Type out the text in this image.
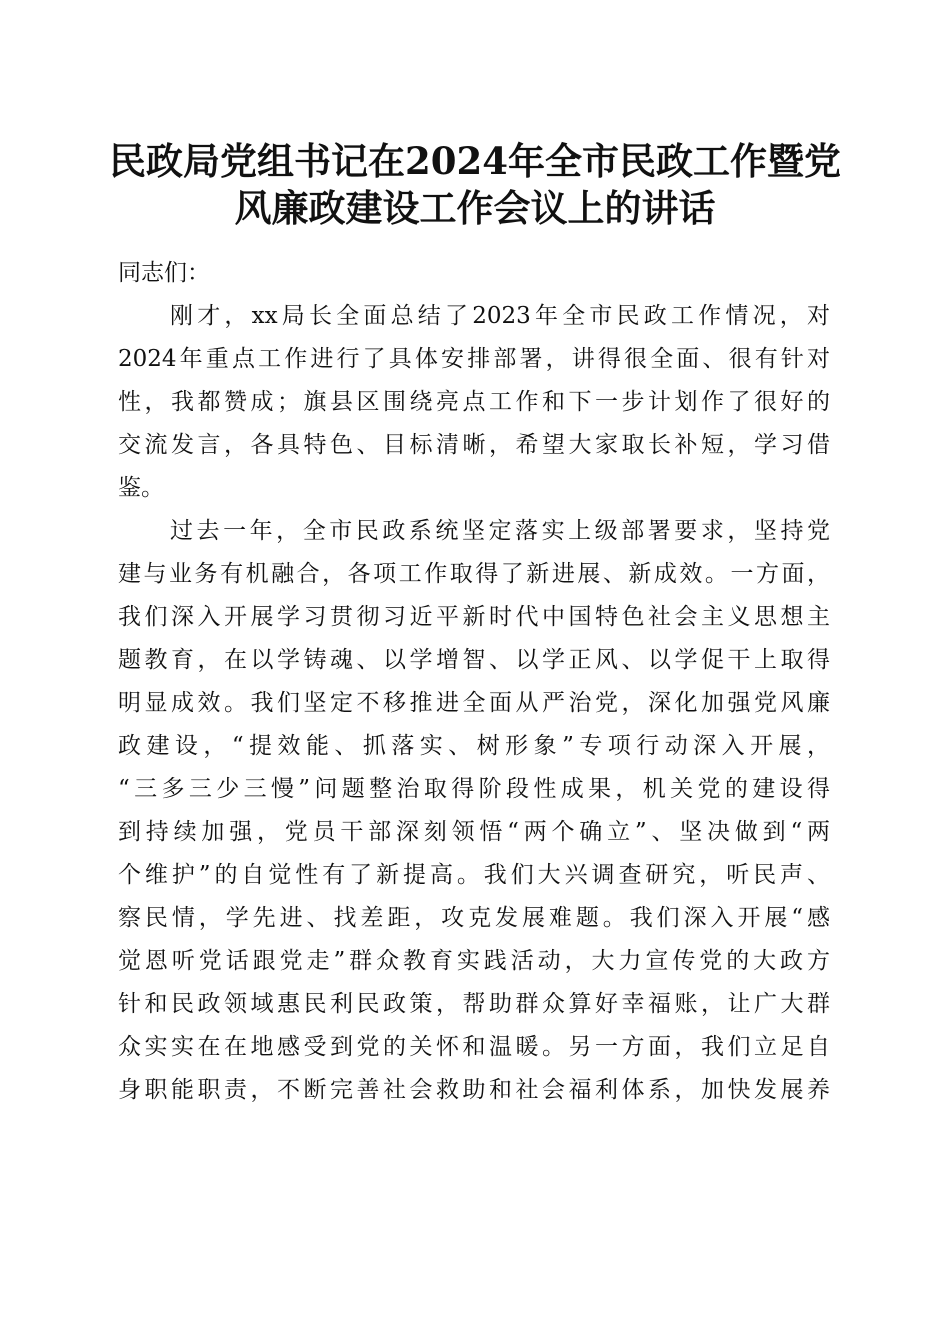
民政局党组书记在2024年全市民政工作暨党
风廉政建设工作会议上的讲话

同志们：

刚才，xx局长全面总结了2023年全市民政工作情况，对
2024年重点工作进行了具体安排部署，讲得很全面、很有针对
性，我都赞成；旗县区围绕亮点工作和下一步计划作了很好的
交流发言，各具特色、目标清晰，希望大家取长补短，学习借
鉴。
过去一年，全市民政系统坚定落实上级部署要求，坚持党
建与业务有机融合，各项工作取得了新进展、新成效。一方面，
我们深入开展学习贯彻习近平新时代中国特色社会主义思想主
题教育，在以学铸魂、以学增智、以学正风、以学促干上取得
明显成效。我们坚定不移推进全面从严治党，深化加强党风廉
政建设，“提效能、抓落实、树形象”专项行动深入开展，
“三多三少三慢”问题整治取得阶段性成果，机关党的建设得
到持续加强，党员干部深刻领悟“两个确立”、坚决做到“两
个维护”的自觉性有了新提高。我们大兴调查研究，听民声、
察民情，学先进、找差距，攻克发展难题。我们深入开展“感
觉恩听党话跟党走”群众教育实践活动，大力宣传党的大政方
针和民政领域惠民利民政策，帮助群众算好幸福账，让广大群
众实实在在地感受到党的关怀和温暖。另一方面，我们立足自
身职能职责，不断完善社会救助和社会福利体系，加快发展养
